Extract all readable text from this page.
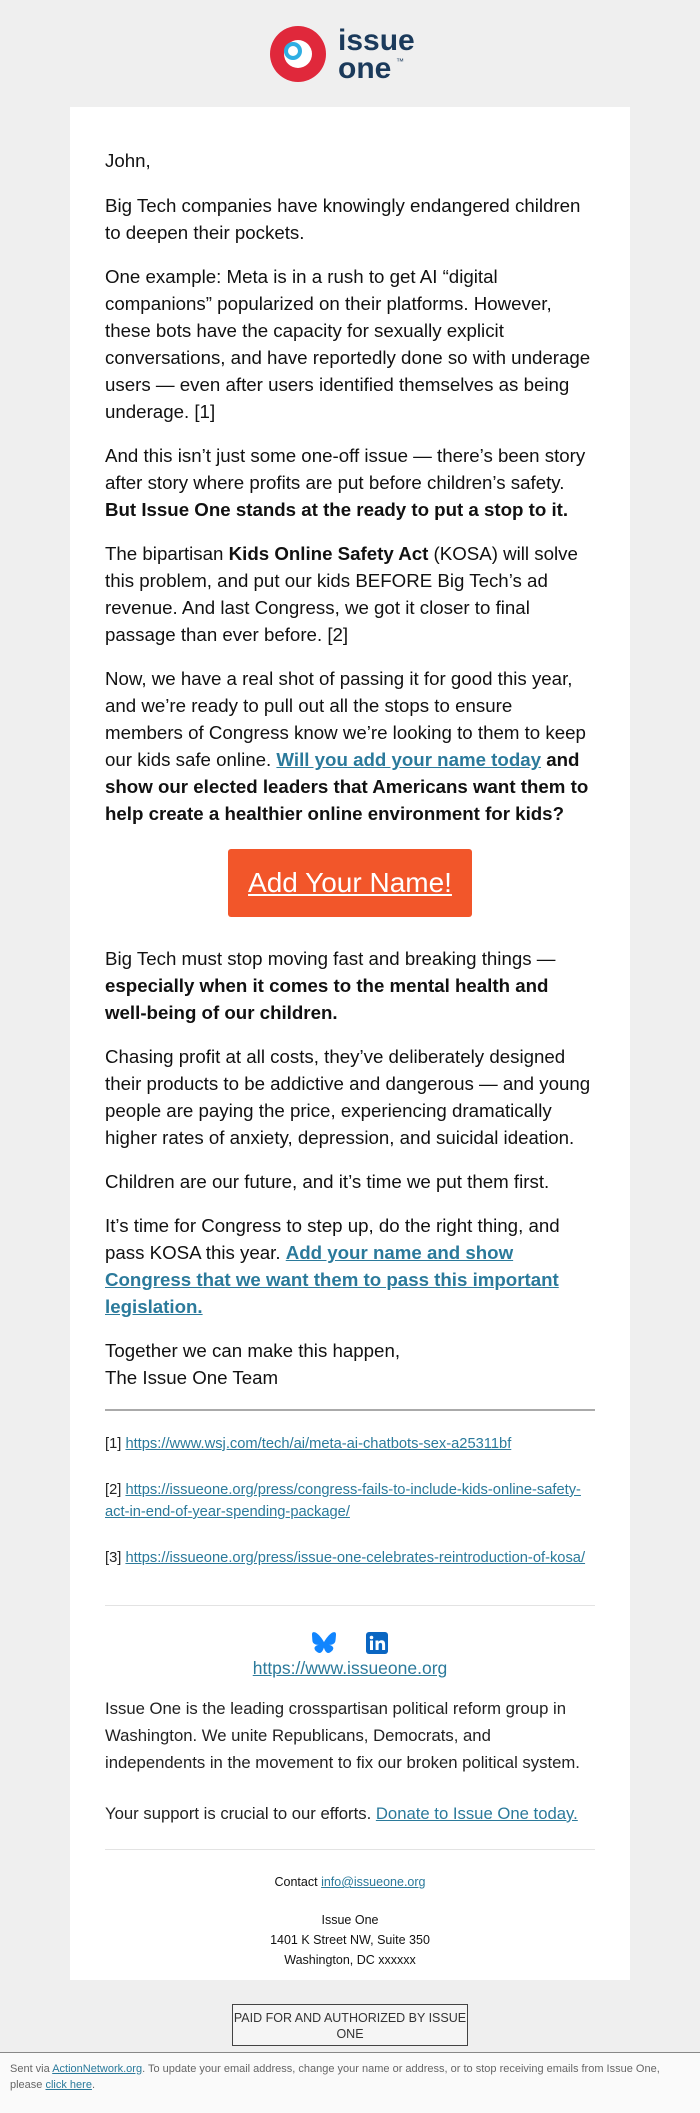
issue
one ™

John,

Big Tech companies have knowingly endangered children to deepen their pockets.

One example: Meta is in a rush to get AI “digital companions” popularized on their platforms. However, these bots have the capacity for sexually explicit conversations, and have reportedly done so with underage users — even after users identified themselves as being underage. [1]

And this isn’t just some one-off issue — there’s been story after story where profits are put before children’s safety. But Issue One stands at the ready to put a stop to it.

The bipartisan Kids Online Safety Act (KOSA) will solve this problem, and put our kids BEFORE Big Tech’s ad revenue. And last Congress, we got it closer to final passage than ever before. [2]

Now, we have a real shot of passing it for good this year, and we’re ready to pull out all the stops to ensure members of Congress know we’re looking to them to keep our kids safe online. Will you add your name today and show our elected leaders that Americans want them to help create a healthier online environment for kids?

Add Your Name!

Big Tech must stop moving fast and breaking things — especially when it comes to the mental health and well-being of our children.

Chasing profit at all costs, they’ve deliberately designed their products to be addictive and dangerous — and young people are paying the price, experiencing dramatically higher rates of anxiety, depression, and suicidal ideation.

Children are our future, and it’s time we put them first.

It’s time for Congress to step up, do the right thing, and pass KOSA this year. Add your name and show Congress that we want them to pass this important legislation.

Together we can make this happen,
The Issue One Team
[1] https://www.wsj.com/tech/ai/meta-ai-chatbots-sex-a25311bf
[2] https://issueone.org/press/congress-fails-to-include-kids-online-safety-act-in-end-of-year-spending-package/
[3] https://issueone.org/press/issue-one-celebrates-reintroduction-of-kosa/

https://www.issueone.org
Issue One is the leading crosspartisan political reform group in Washington. We unite Republicans, Democrats, and independents in the movement to fix our broken political system.
Your support is crucial to our efforts. Donate to Issue One today.
Contact info@issueone.org
Issue One
1401 K Street NW, Suite 350
Washington, DC xxxxxx
PAID FOR AND AUTHORIZED BY ISSUE ONE
Sent via ActionNetwork.org. To update your email address, change your name or address, or to stop receiving emails from Issue One, please click here.
